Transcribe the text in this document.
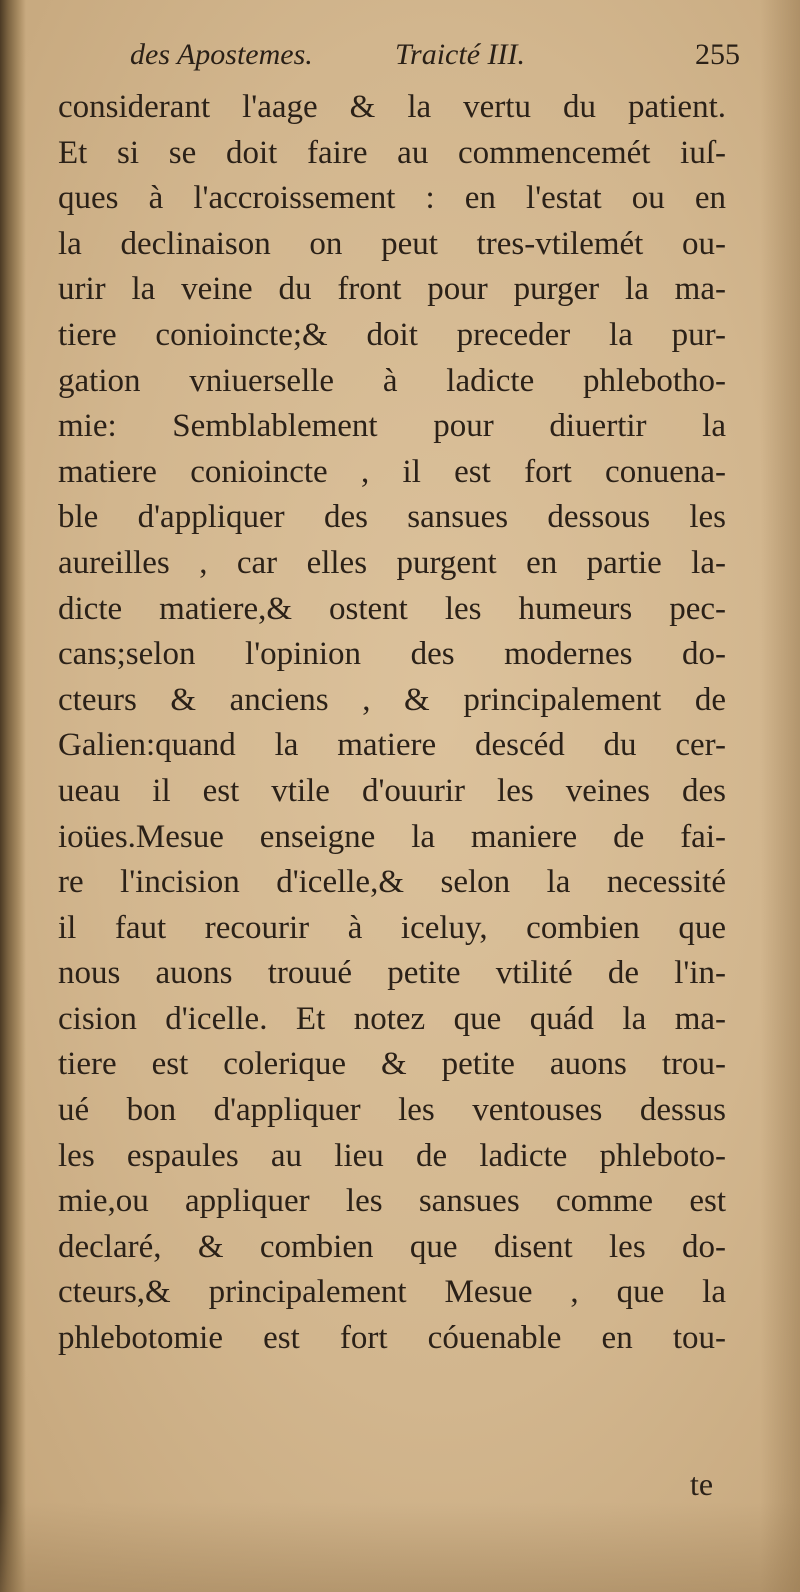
des Apostemes.	Traicté III.	255
considerant l'aage & la vertu du patient.
Et si se doit faire au commencemét iuſ-
ques à l'accroissement : en l'estat ou en
la declinaison on peut tres-vtilemét ou-
urir la veine du front pour purger la ma-
tiere conioincte;& doit preceder la pur-
gation vniuerselle à ladicte phlebotho-
mie: Semblablement pour diuertir la
matiere conioincte , il est fort conuena-
ble d'appliquer des sansues dessous les
aureilles , car elles purgent en partie la-
dicte matiere,& ostent les humeurs pec-
cans;selon l'opinion des modernes do-
cteurs & anciens , & principalement de
Galien:quand la matiere descéd du cer-
ueau il est vtile d'ouurir les veines des
ioües.Mesue enseigne la maniere de fai-
re l'incision d'icelle,& selon la necessité
il faut recourir à iceluy, combien que
nous auons trouué petite vtilité de l'in-
cision d'icelle. Et notez que quád la ma-
tiere est colerique & petite auons trou-
ué bon d'appliquer les ventouses dessus
les espaules au lieu de ladicte phleboto-
mie,ou appliquer les sansues comme est
declaré, & combien que disent les do-
cteurs,& principalement Mesue , que la
phlebotomie est fort cóuenable en tou-
te
